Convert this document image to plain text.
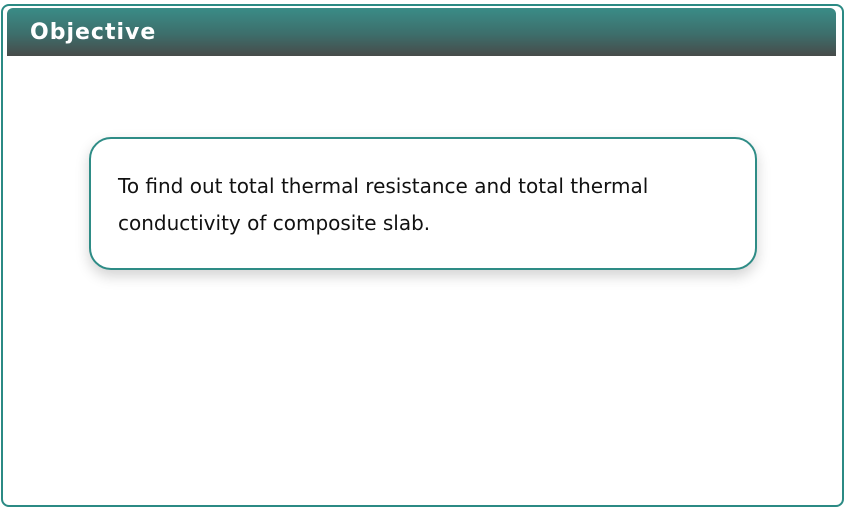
Objective

To find out total thermal resistance and total thermal conductivity of composite slab.
